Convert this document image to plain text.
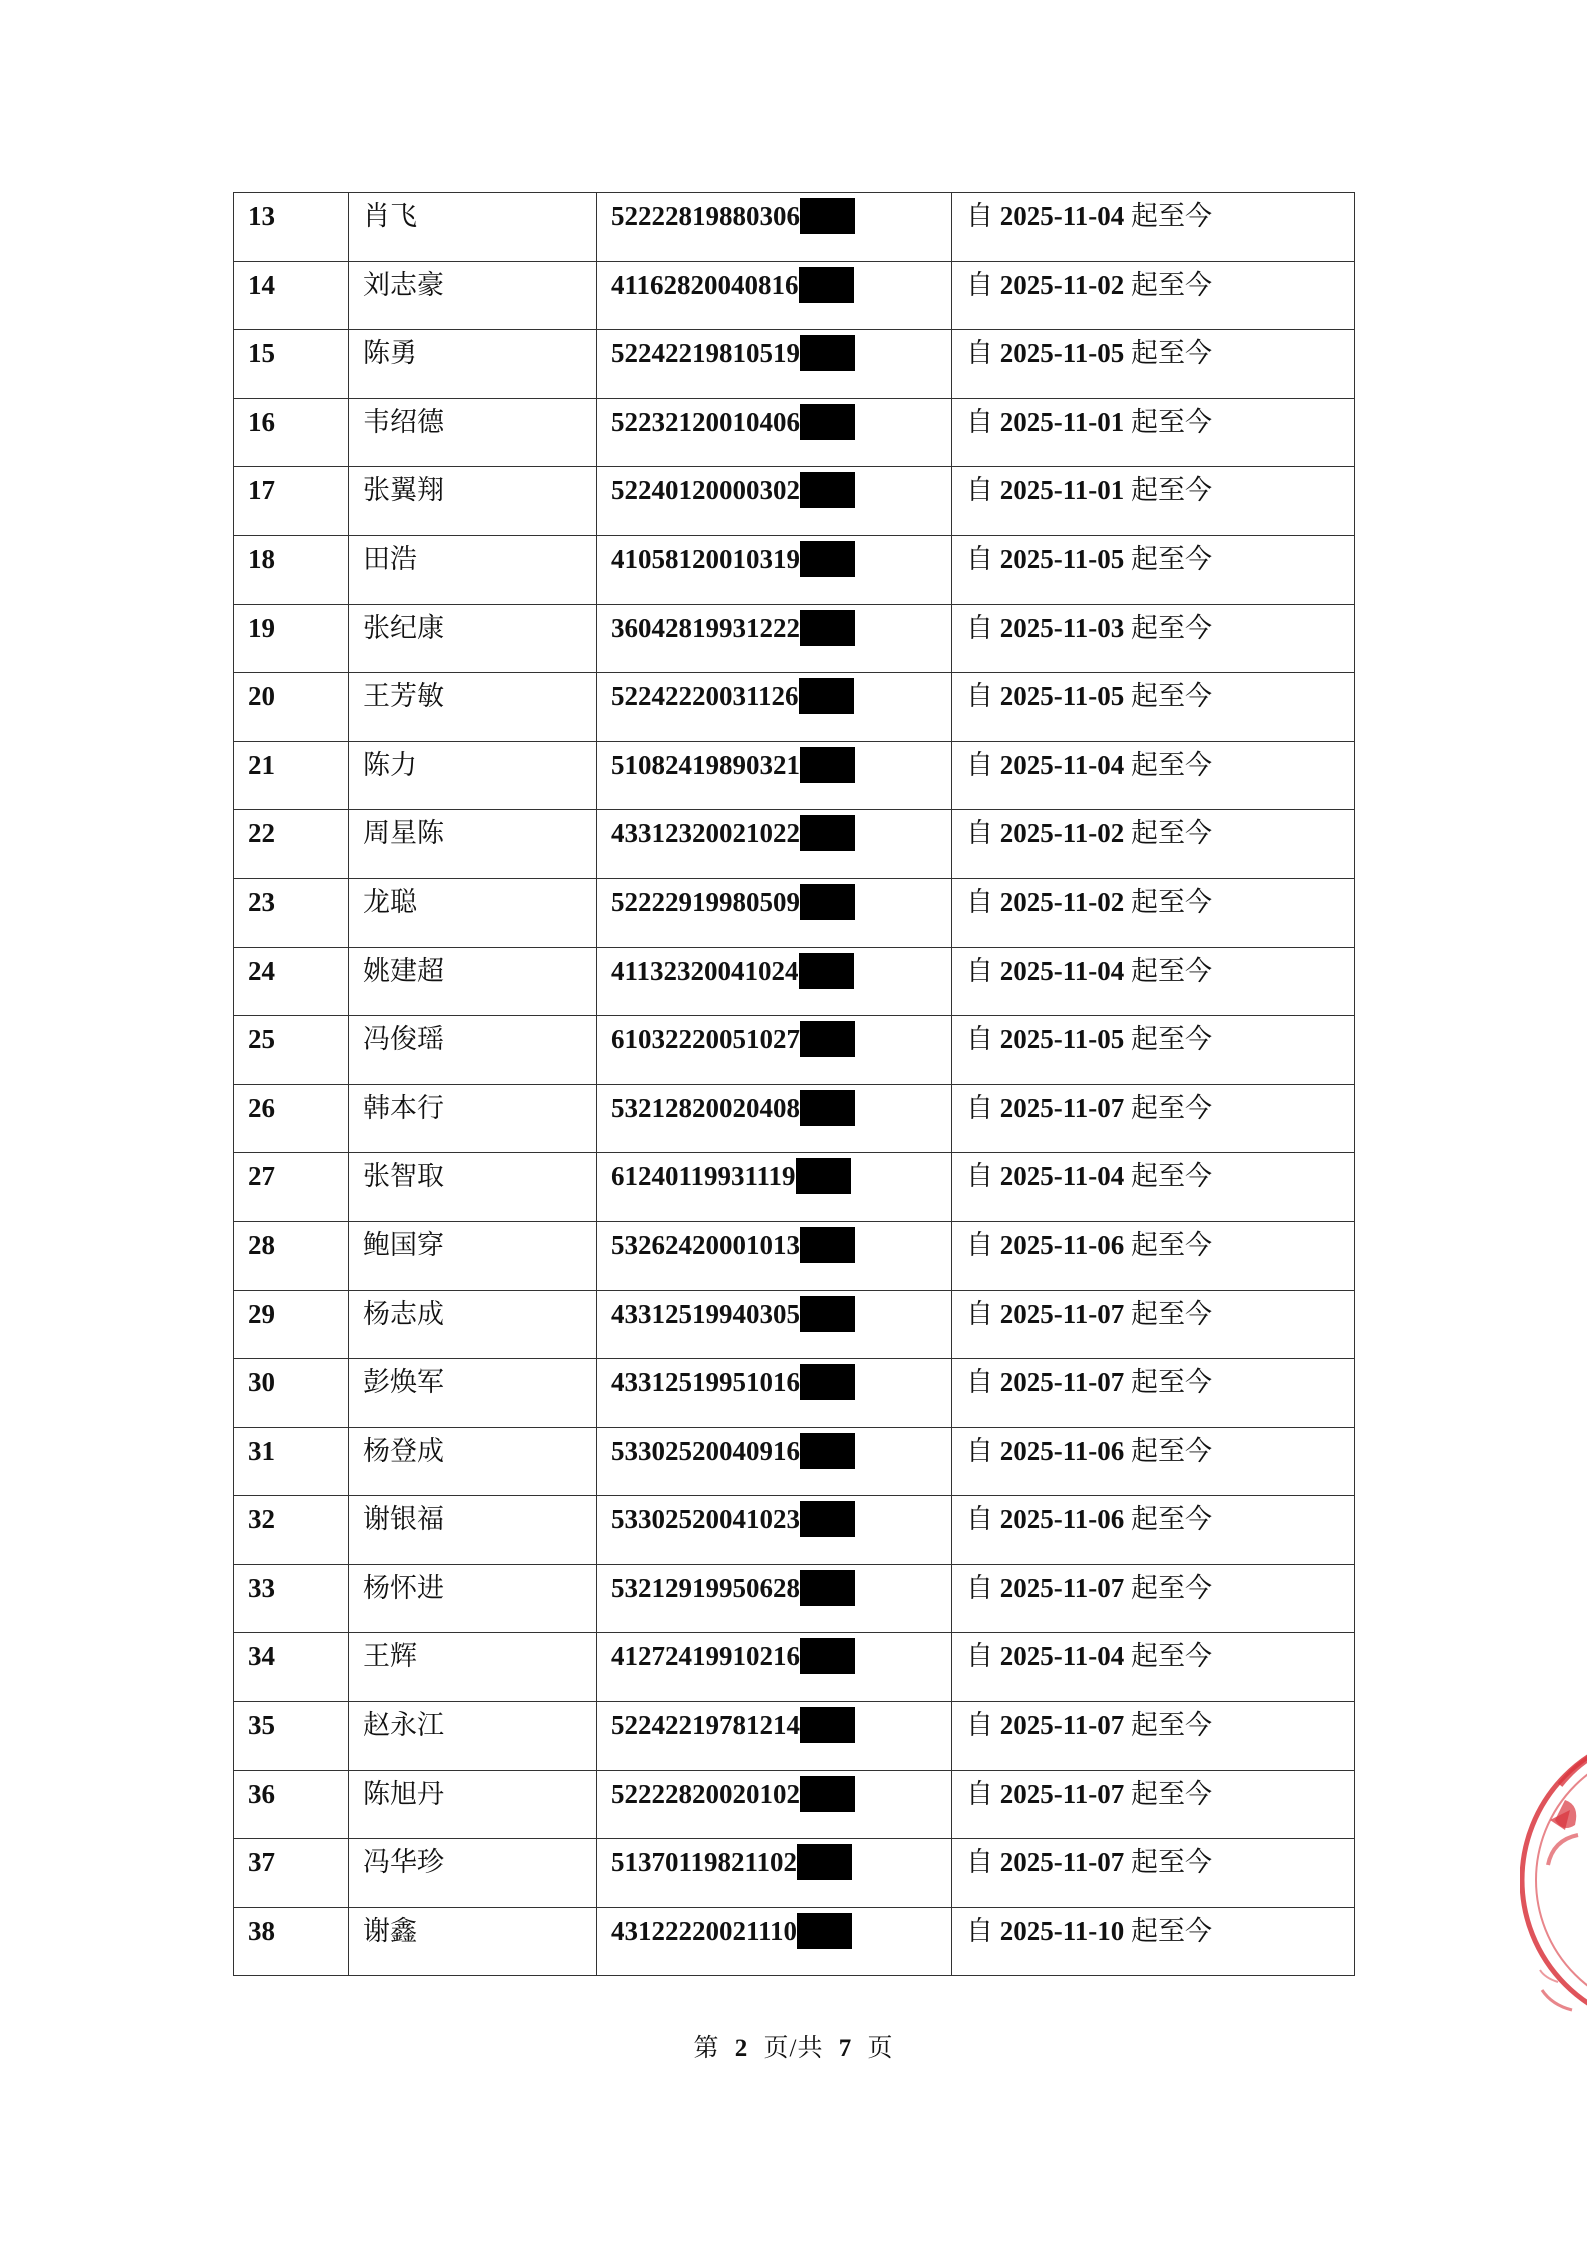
13	肖飞	52222819880306	自 2025-11-04 起至今
14	刘志豪	41162820040816	自 2025-11-02 起至今
15	陈勇	52242219810519	自 2025-11-05 起至今
16	韦绍德	52232120010406	自 2025-11-01 起至今
17	张翼翔	52240120000302	自 2025-11-01 起至今
18	田浩	41058120010319	自 2025-11-05 起至今
19	张纪康	36042819931222	自 2025-11-03 起至今
20	王芳敏	52242220031126	自 2025-11-05 起至今
21	陈力	51082419890321	自 2025-11-04 起至今
22	周星陈	43312320021022	自 2025-11-02 起至今
23	龙聪	52222919980509	自 2025-11-02 起至今
24	姚建超	41132320041024	自 2025-11-04 起至今
25	冯俊瑶	61032220051027	自 2025-11-05 起至今
26	韩本行	53212820020408	自 2025-11-07 起至今
27	张智取	61240119931119	自 2025-11-04 起至今
28	鲍国穿	53262420001013	自 2025-11-06 起至今
29	杨志成	43312519940305	自 2025-11-07 起至今
30	彭焕军	43312519951016	自 2025-11-07 起至今
31	杨登成	53302520040916	自 2025-11-06 起至今
32	谢银福	53302520041023	自 2025-11-06 起至今
33	杨怀进	53212919950628	自 2025-11-07 起至今
34	王辉	41272419910216	自 2025-11-04 起至今
35	赵永江	52242219781214	自 2025-11-07 起至今
36	陈旭丹	52222820020102	自 2025-11-07 起至今
37	冯华珍	51370119821102	自 2025-11-07 起至今
38	谢鑫	43122220021110	自 2025-11-10 起至今
第 2 页/共 7 页
